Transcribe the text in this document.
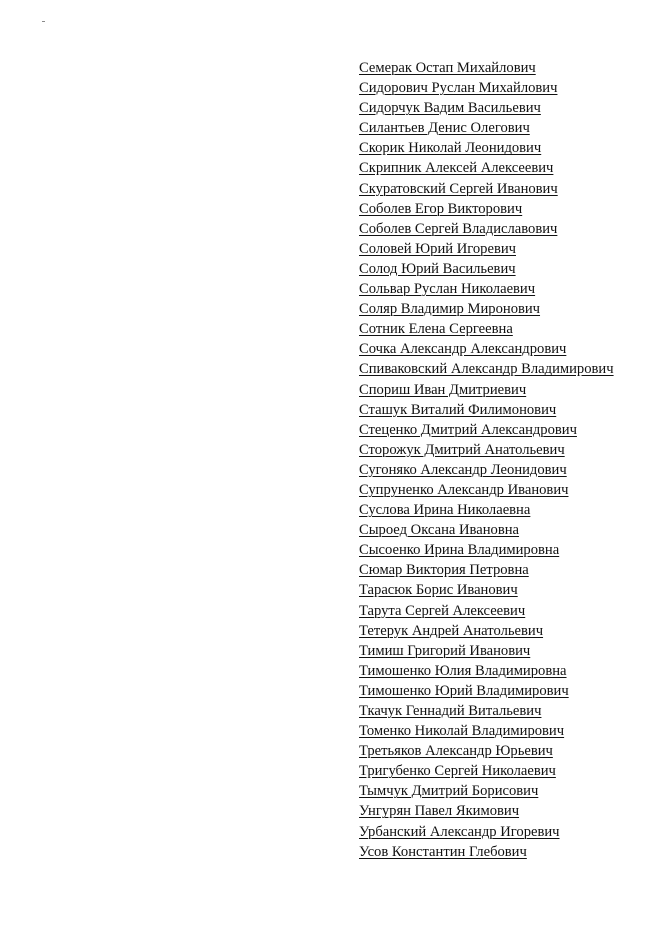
Семерак Остап Михайлович
Сидорович Руслан Михайлович
Сидорчук Вадим Васильевич
Силантьев Денис Олегович
Скорик Николай Леонидович
Скрипник Алексей Алексеевич
Скуратовский Сергей Иванович
Соболев Егор Викторович
Соболев Сергей Владиславович
Соловей Юрий Игоревич
Солод Юрий Васильевич
Сольвар Руслан Николаевич
Соляр Владимир Миронович
Сотник Елена Сергеевна
Сочка Александр Александрович
Спиваковский Александр Владимирович
Спориш Иван Дмитриевич
Сташук Виталий Филимонович
Стеценко Дмитрий Александрович
Сторожук Дмитрий Анатольевич
Сугоняко Александр Леонидович
Супруненко Александр Иванович
Суслова Ирина Николаевна
Сыроед Оксана Ивановна
Сысоенко Ирина Владимировна
Сюмар Виктория Петровна
Тарасюк Борис Иванович
Тарута Сергей Алексеевич
Тетерук Андрей Анатольевич
Тимиш Григорий Иванович
Тимошенко Юлия Владимировна
Тимошенко Юрий Владимирович
Ткачук Геннадий Витальевич
Томенко Николай Владимирович
Третьяков Александр Юрьевич
Тригубенко Сергей Николаевич
Тымчук Дмитрий Борисович
Унгурян Павел Якимович
Урбанский Александр Игоревич
Усов Константин Глебович
